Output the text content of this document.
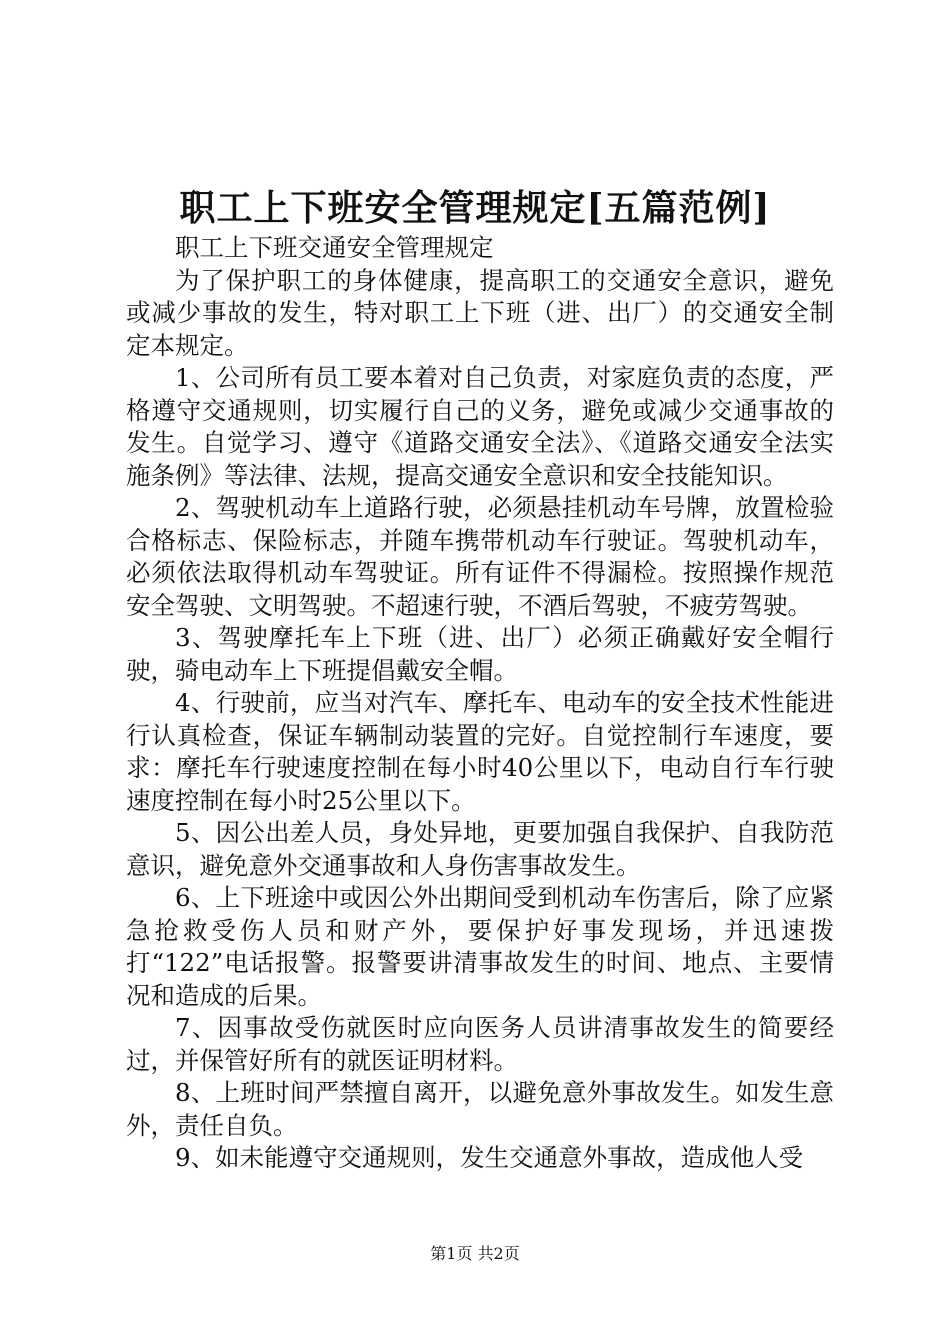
职工上下班安全管理规定[五篇范例]

职工上下班交通安全管理规定

为了保护职工的身体健康，提高职工的交通安全意识，避免或减少事故的发生，特对职工上下班（进、出厂）的交通安全制定本规定。

1、公司所有员工要本着对自己负责，对家庭负责的态度，严格遵守交通规则，切实履行自己的义务，避免或减少交通事故的发生。自觉学习、遵守《道路交通安全法》、《道路交通安全法实施条例》等法律、法规，提高交通安全意识和安全技能知识。

2、驾驶机动车上道路行驶，必须悬挂机动车号牌，放置检验合格标志、保险标志，并随车携带机动车行驶证。驾驶机动车，必须依法取得机动车驾驶证。所有证件不得漏检。按照操作规范安全驾驶、文明驾驶。不超速行驶，不酒后驾驶，不疲劳驾驶。

3、驾驶摩托车上下班（进、出厂）必须正确戴好安全帽行驶，骑电动车上下班提倡戴安全帽。

4、行驶前，应当对汽车、摩托车、电动车的安全技术性能进行认真检查，保证车辆制动装置的完好。自觉控制行车速度，要求：摩托车行驶速度控制在每小时40公里以下，电动自行车行驶速度控制在每小时25公里以下。

5、因公出差人员，身处异地，更要加强自我保护、自我防范意识，避免意外交通事故和人身伤害事故发生。

6、上下班途中或因公外出期间受到机动车伤害后，除了应紧急抢救受伤人员和财产外，要保护好事发现场，并迅速拨打“122”电话报警。报警要讲清事故发生的时间、地点、主要情况和造成的后果。

7、因事故受伤就医时应向医务人员讲清事故发生的简要经过，并保管好所有的就医证明材料。

8、上班时间严禁擅自离开，以避免意外事故发生。如发生意外，责任自负。

9、如未能遵守交通规则，发生交通意外事故，造成他人受

第1页 共2页
